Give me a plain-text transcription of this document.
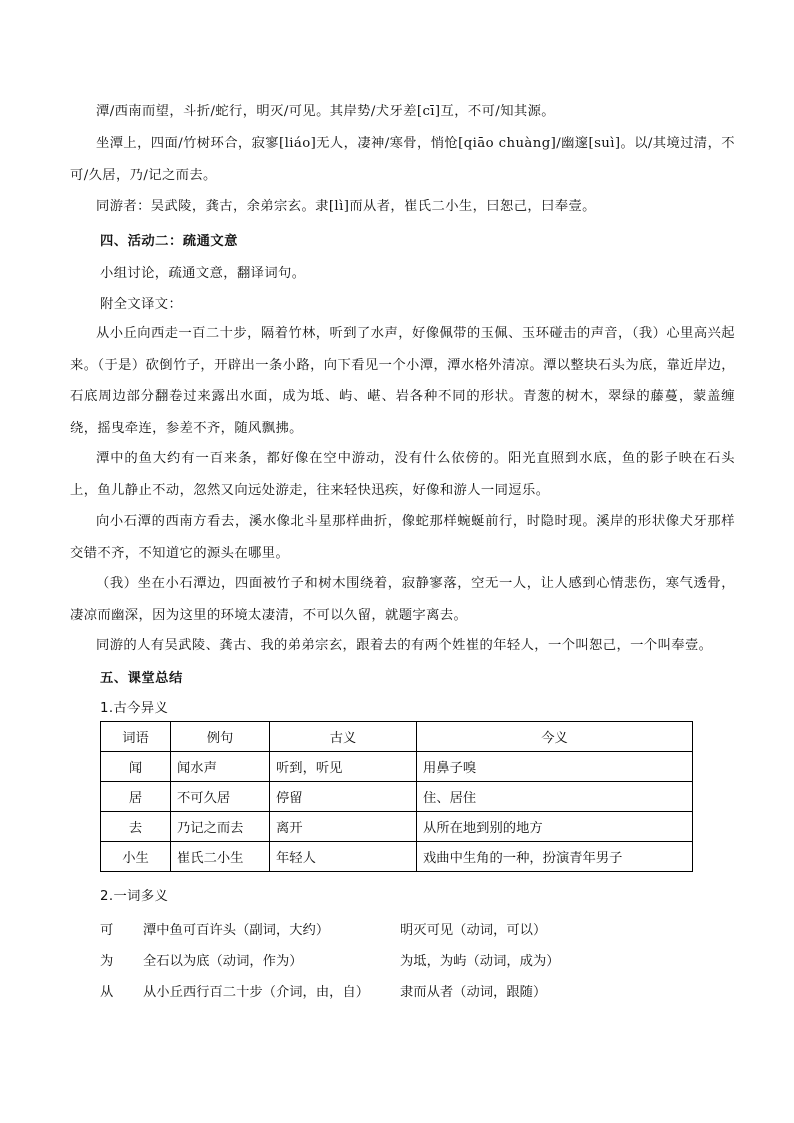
潭/西南而望，斗折/蛇行，明灭/可见。其岸势/犬牙差[cī]互，不可/知其源。

坐潭上，四面/竹树环合，寂寥[liáo]无人，凄神/寒骨，悄怆[qiāo chuàng]/幽邃[suì]。以/其境过清，不可/久居，乃/记之而去。

同游者：吴武陵，龚古，余弟宗玄。隶[lì]而从者，崔氏二小生，曰恕己，曰奉壹。

四、活动二：疏通文意

小组讨论，疏通文意，翻译词句。

附全文译文：

从小丘向西走一百二十步，隔着竹林，听到了水声，好像佩带的玉佩、玉环碰击的声音，（我）心里高兴起来。（于是）砍倒竹子，开辟出一条小路，向下看见一个小潭，潭水格外清凉。潭以整块石头为底，靠近岸边，石底周边部分翻卷过来露出水面，成为坻、屿、嵁、岩各种不同的形状。青葱的树木，翠绿的藤蔓，蒙盖缠绕，摇曳牵连，参差不齐，随风飘拂。

潭中的鱼大约有一百来条，都好像在空中游动，没有什么依傍的。阳光直照到水底，鱼的影子映在石头上，鱼儿静止不动，忽然又向远处游走，往来轻快迅疾，好像和游人一同逗乐。

向小石潭的西南方看去，溪水像北斗星那样曲折，像蛇那样蜿蜒前行，时隐时现。溪岸的形状像犬牙那样交错不齐，不知道它的源头在哪里。

（我）坐在小石潭边，四面被竹子和树木围绕着，寂静寥落，空无一人，让人感到心情悲伤，寒气透骨，凄凉而幽深，因为这里的环境太凄清，不可以久留，就题字离去。

同游的人有吴武陵、龚古、我的弟弟宗玄，跟着去的有两个姓崔的年轻人，一个叫恕己，一个叫奉壹。

五、课堂总结

1.古今异义

词语	例句	古义	今义
闻	闻水声	听到，听见	用鼻子嗅
居	不可久居	停留	住、居住
去	乃记之而去	离开	从所在地到别的地方
小生	崔氏二小生	年轻人	戏曲中生角的一种，扮演青年男子

2.一词多义

可 潭中鱼可百许头（副词，大约）	明灭可见（动词，可以）
为 全石以为底（动词，作为）	为坻，为屿（动词，成为）
从 从小丘西行百二十步（介词，由，自） 隶而从者（动词，跟随）
